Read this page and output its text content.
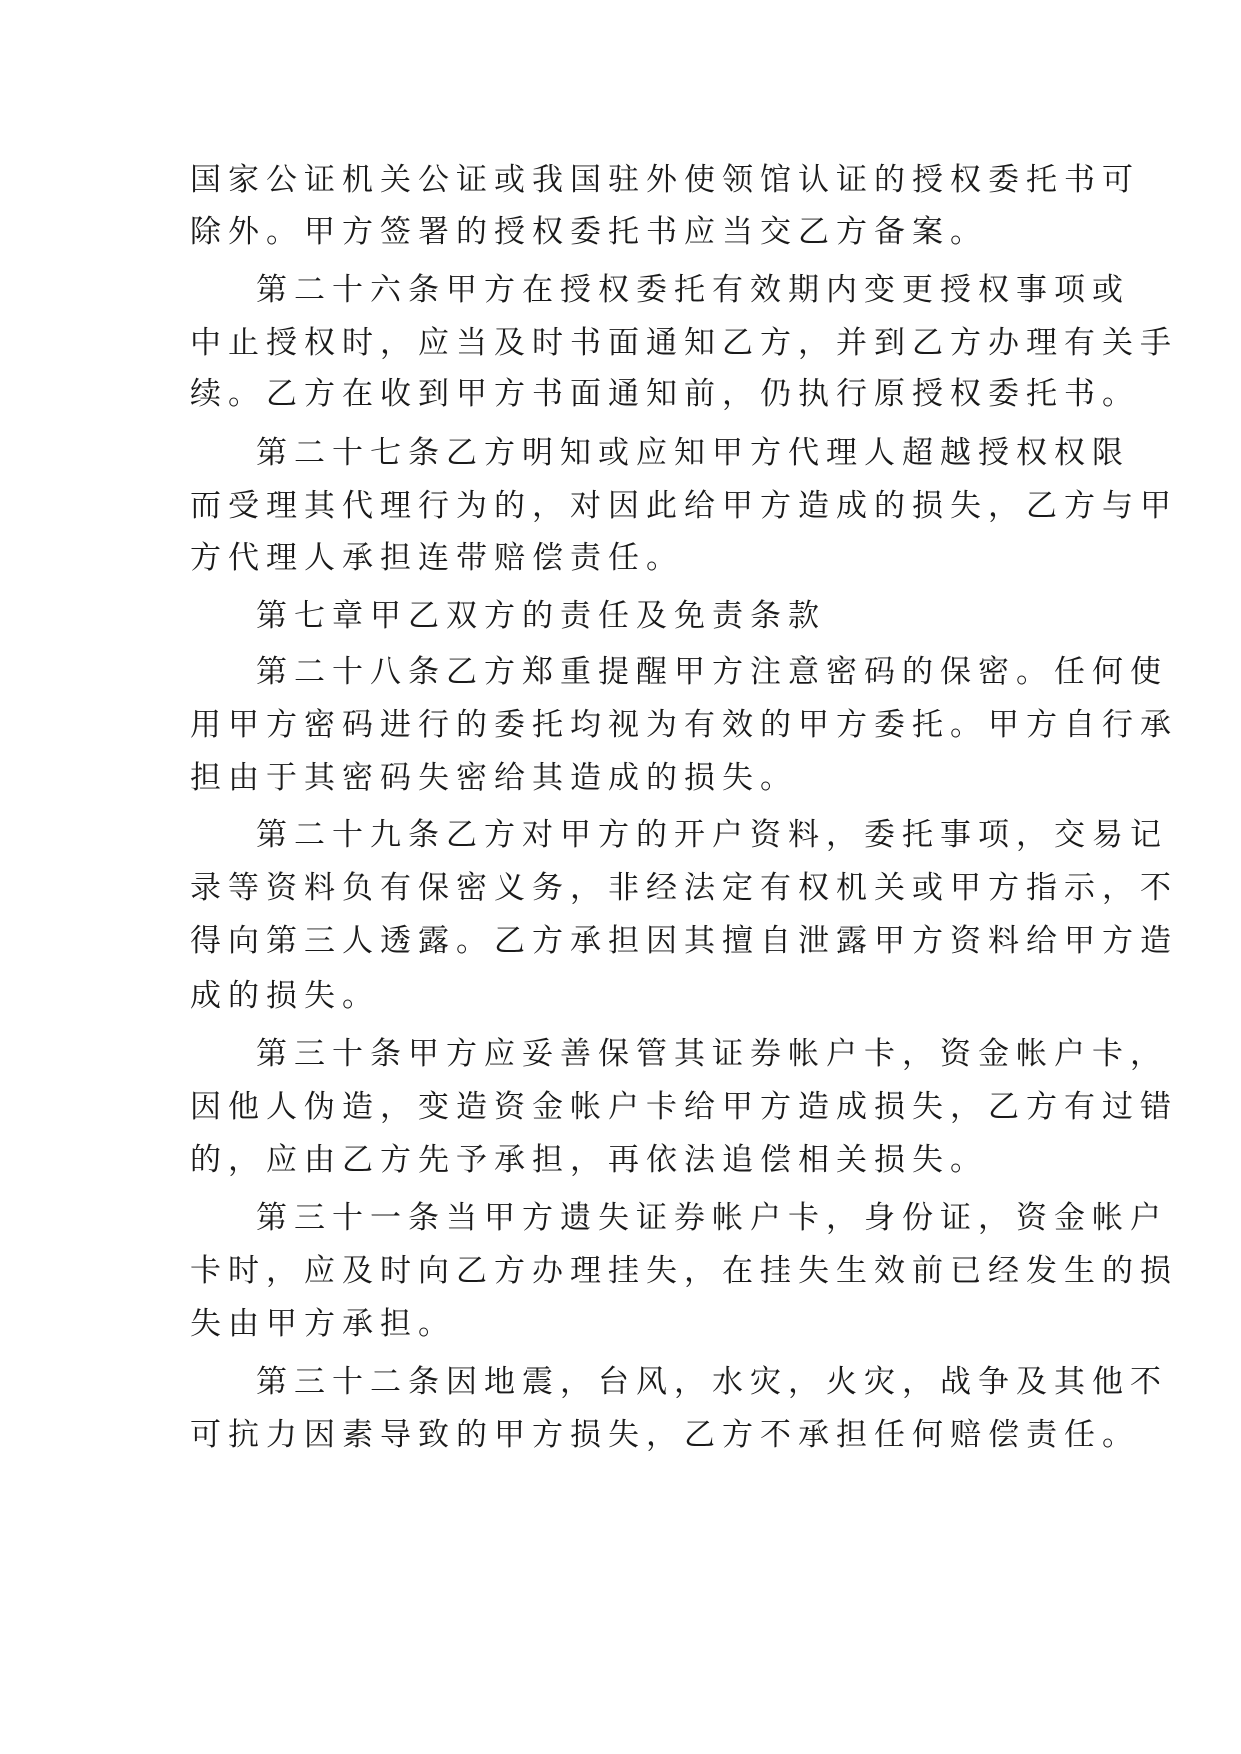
国家公证机关公证或我国驻外使领馆认证的授权委托书可
除外。甲方签署的授权委托书应当交乙方备案。
第二十六条甲方在授权委托有效期内变更授权事项或
中止授权时，应当及时书面通知乙方，并到乙方办理有关手
续。乙方在收到甲方书面通知前，仍执行原授权委托书。
第二十七条乙方明知或应知甲方代理人超越授权权限
而受理其代理行为的，对因此给甲方造成的损失，乙方与甲
方代理人承担连带赔偿责任。
第七章甲乙双方的责任及免责条款
第二十八条乙方郑重提醒甲方注意密码的保密。任何使
用甲方密码进行的委托均视为有效的甲方委托。甲方自行承
担由于其密码失密给其造成的损失。
第二十九条乙方对甲方的开户资料，委托事项，交易记
录等资料负有保密义务，非经法定有权机关或甲方指示，不
得向第三人透露。乙方承担因其擅自泄露甲方资料给甲方造
成的损失。
第三十条甲方应妥善保管其证券帐户卡，资金帐户卡，
因他人伪造，变造资金帐户卡给甲方造成损失，乙方有过错
的，应由乙方先予承担，再依法追偿相关损失。
第三十一条当甲方遗失证券帐户卡，身份证，资金帐户
卡时，应及时向乙方办理挂失，在挂失生效前已经发生的损
失由甲方承担。
第三十二条因地震，台风，水灾，火灾，战争及其他不
可抗力因素导致的甲方损失，乙方不承担任何赔偿责任。
